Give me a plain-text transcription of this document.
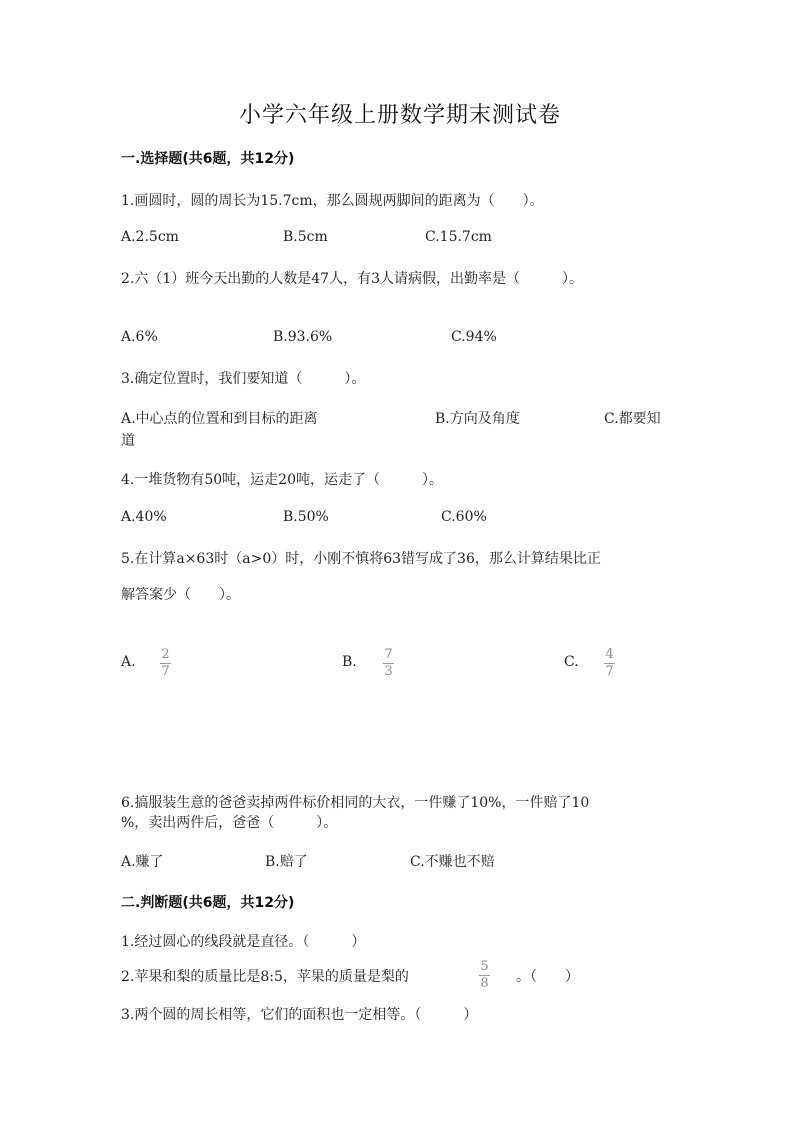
小学六年级上册数学期末测试卷
一.选择题(共6题，共12分)
1.画圆时，圆的周长为15.7cm，那么圆规两脚间的距离为（　　）。
A.2.5cm	B.5cm	C.15.7cm
2.六（1）班今天出勤的人数是47人，有3人请病假，出勤率是（　　　）。
A.6%	B.93.6%	C.94%
3.确定位置时，我们要知道（　　　）。
A.中心点的位置和到目标的距离	B.方向及角度	C.都要知
道
4.一堆货物有50吨，运走20吨，运走了（　　　）。
A.40%	B.50%	C.60%
5.在计算a×63时（a>0）时，小刚不慎将63错写成了36，那么计算结果比正
解答案少（　　）。
A. 2
7
B. 7
3
C. 4
7
6.搞服装生意的爸爸卖掉两件标价相同的大衣，一件赚了10%，一件赔了10
%，卖出两件后，爸爸（　　　）。
A.赚了	B.赔了	C.不赚也不赔
二.判断题(共6题，共12分)
1.经过圆心的线段就是直径。（　　　）
2.苹果和梨的质量比是8:5，苹果的质量是梨的
5
8 。（　　）
3.两个圆的周长相等，它们的面积也一定相等。（　　　）
